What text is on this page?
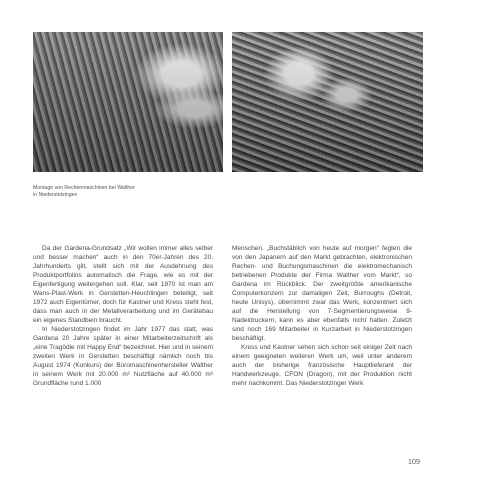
Montage von Rechenmaschinen bei Walther
in Niederstotzingen

Da der Gardena-Grundsatz „Wir wollen immer alles selber und besser machen“ auch in den 70er-Jahren des 20. Jahrhunderts gilt, stellt sich mit der Ausdehnung des Produktportfolios automatisch die Frage, wie es mit der Eigenfertigung weitergehen soll. Klar, seit 1970 ist man am Wans-Plast-Werk in Gerstetten-Heuchlingen beteiligt, seit 1972 auch Eigentümer, doch für Kastner und Kress steht fest, dass man auch in der Metallverarbeitung und im Gerätebau ein eigenes Standbein braucht.

In Niederstotzingen findet im Jahr 1977 das statt, was Gardena 20 Jahre später in einer Mitarbeiterzeitschrift als „eine Tragödie mit Happy End“ bezeichnet. Hier und in seinem zweiten Werk in Gerstetten beschäftigt nämlich noch bis August 1974 (Konkurs) der Büromaschinenhersteller Walther in seinem Werk mit 20.000 m² Nutzfläche auf 40.000 m² Grundfläche rund 1.000

Menschen. „Buchstäblich von heute auf morgen“ fegten die von den Japanern auf den Markt gebrachten, elektronischen Rechen- und Buchungsmaschinen die elektromechanisch betriebenen Produkte der Firma Walther vom Markt“, so Gardena im Rückblick. Der zweitgrößte amerikanische Computerkonzern zur damaligen Zeit, Burroughs (Detroit, heute Unisys), übernimmt zwar das Werk, konzentriert sich auf die Herstellung von 7-Segmentierungsweise 9-Nadeldruckern, kann es aber ebenfalls nicht halten. Zuletzt sind noch 169 Mitarbeiter in Kurzarbeit in Niederstotzingen beschäftigt.

Kress und Kastner sehen sich schon seit einiger Zeit nach einem geeigneten weiteren Werk um, weil unter anderem auch der bisherige französische Hauptlieferant der Handwerkzeuge, CFON (Dragon), mit der Produktion nicht mehr nachkommt. Das Niederstotzinger Werk

109
